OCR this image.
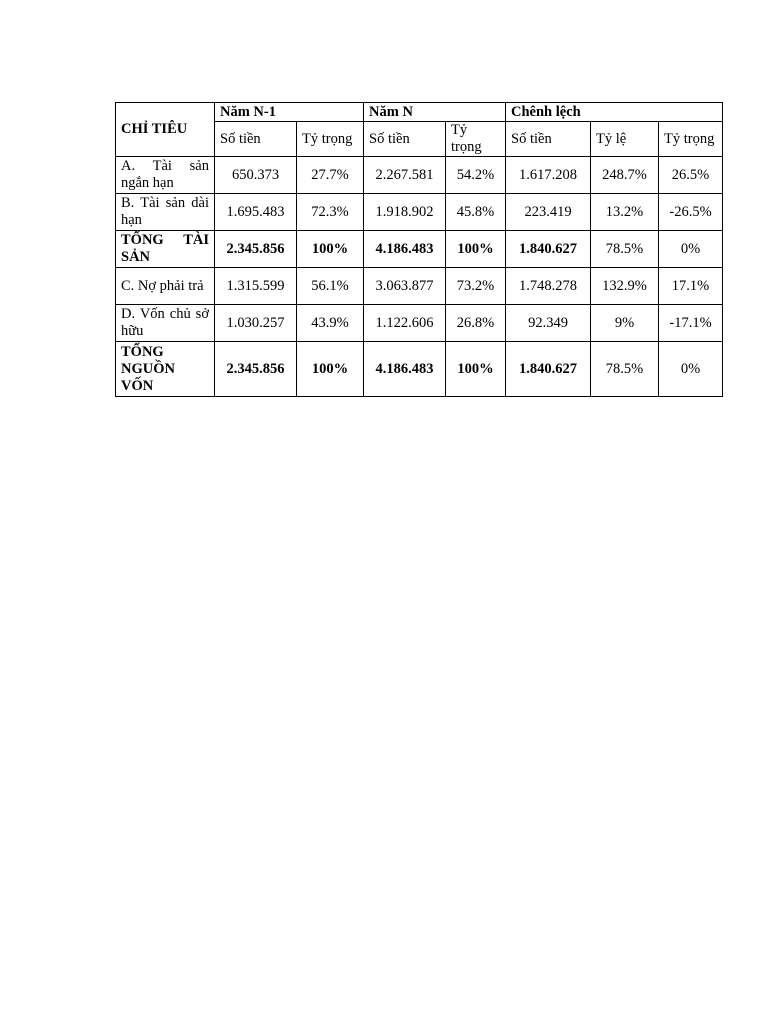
CHỈ TIÊU	Năm N-1		Năm N		Chênh lệch		
	Số tiền	Tỷ trọng	Số tiền	Tỷ trọng	Số tiền	Tỷ lệ	Tỷ trọng
A. Tài sản ngắn hạn	650.373	27.7%	2.267.581	54.2%	1.617.208	248.7%	26.5%
B. Tài sản dài hạn	1.695.483	72.3%	1.918.902	45.8%	223.419	13.2%	-26.5%
TỔNG TÀI SẢN	2.345.856	100%	4.186.483	100%	1.840.627	78.5%	0%
C. Nợ phải trả	1.315.599	56.1%	3.063.877	73.2%	1.748.278	132.9%	17.1%
D. Vốn chủ sở hữu	1.030.257	43.9%	1.122.606	26.8%	92.349	9%	-17.1%
TỔNG NGUỒN VỐN	2.345.856	100%	4.186.483	100%	1.840.627	78.5%	0%
